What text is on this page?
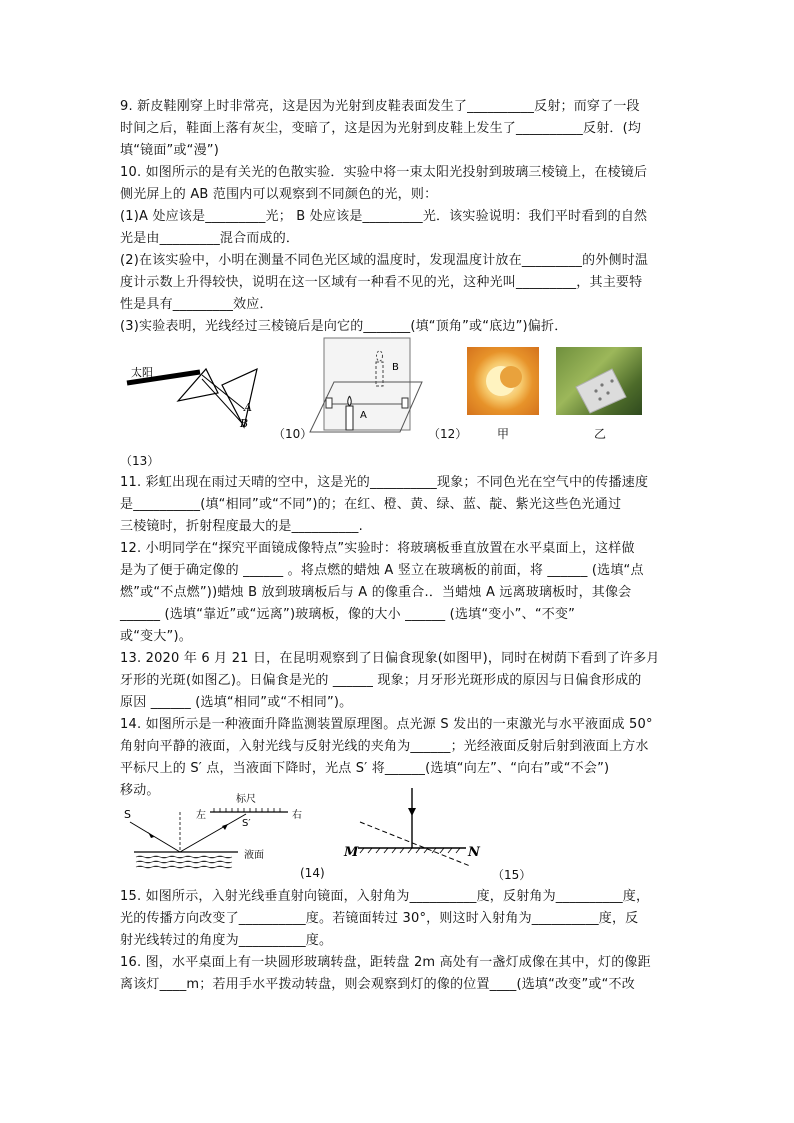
9. 新皮鞋刚穿上时非常亮，这是因为光射到皮鞋表面发生了__________反射；而穿了一段
时间之后，鞋面上落有灰尘，变暗了，这是因为光射到皮鞋上发生了__________反射．(均
填“镜面”或“漫”)
10. 如图所示的是有关光的色散实验．实验中将一束太阳光投射到玻璃三棱镜上，在棱镜后
侧光屏上的 AB 范围内可以观察到不同颜色的光，则：
(1)A 处应该是_________光； B 处应该是_________光．该实验说明：我们平时看到的自然
光是由_________混合而成的．
(2)在该实验中，小明在测量不同色光区域的温度时，发现温度计放在_________的外侧时温
度计示数上升得较快，说明在这一区域有一种看不见的光，这种光叫_________，其主要特
性是具有_________效应．
(3)实验表明，光线经过三棱镜后是向它的_______(填“顶角”或“底边”)偏折．
太阳
A
B
B
A
（10）	（12） 甲	乙
（13）
11. 彩虹出现在雨过天晴的空中，这是光的__________现象；不同色光在空气中的传播速度
是__________(填“相同”或“不同”)的；在红、橙、黄、绿、蓝、靛、紫光这些色光通过
三棱镜时，折射程度最大的是__________.
12. 小明同学在“探究平面镜成像特点”实验时：将玻璃板垂直放置在水平桌面上，这样做
是为了便于确定像的 ______ 。将点燃的蜡烛 A 竖立在玻璃板的前面，将 ______ (选填“点
燃”或“不点燃”))蜡烛 B 放到玻璃板后与 A 的像重合.．当蜡烛 A 远离玻璃板时，其像会
______ (选填“靠近”或“远离”)玻璃板，像的大小 ______ (选填“变小”、“不变”
或“变大”)。
13. 2020 年 6 月 21 日，在昆明观察到了日偏食现象(如图甲)，同时在树荫下看到了许多月
牙形的光斑(如图乙)。日偏食是光的 ______ 现象；月牙形光斑形成的原因与日偏食形成的
原因 ______ (选填“相同”或“不相同”)。
14. 如图所示是一种液面升降监测装置原理图。点光源 S 发出的一束激光与水平液面成 50°
角射向平静的液面，入射光线与反射光线的夹角为______；光经液面反射后射到液面上方水
平标尺上的 S′ 点，当液面下降时，光点 S′ 将______(选填“向左”、“向右”或“不会”)
移动。
S
标尺
左
S′
右
液面
(14)
M	N
（15）
15. 如图所示，入射光线垂直射向镜面，入射角为__________度，反射角为__________度，
光的传播方向改变了__________度。若镜面转过 30°，则这时入射角为__________度，反
射光线转过的角度为__________度。
16. 图，水平桌面上有一块圆形玻璃转盘，距转盘 2m 高处有一盏灯成像在其中，灯的像距
离该灯____m；若用手水平拨动转盘，则会观察到灯的像的位置____(选填“改变”或“不改
